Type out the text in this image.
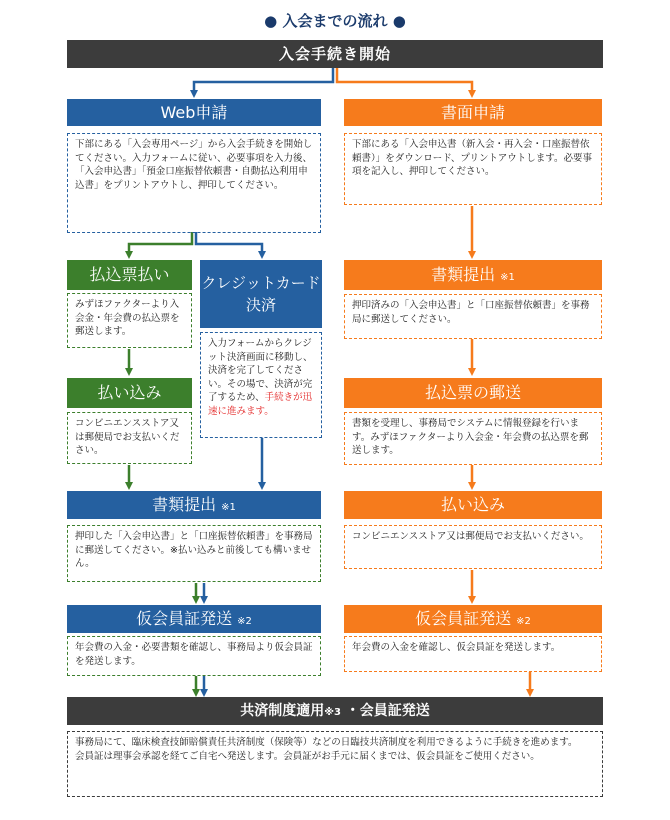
● 入会までの流れ ●
入会手続き開始
Web申請
下部にある「入会専用ページ」から入会手続きを開始してください。入力フォームに従い、必要事項を入力後、「入会申込書」「預金口座振替依頼書・自動払込利用申込書」をプリントアウトし、押印してください。
書面申請
下部にある「入会申込書（新入会・再入会・口座振替依頼書）」をダウンロード、プリントアウトします。必要事項を記入し、押印してください。
払込票払い
みずほファクターより入会金・年会費の払込票を郵送します。
クレジットカード決済
入力フォームからクレジット決済画面に移動し、決済を完了してください。その場で、決済が完了するため、手続きが迅速に進みます。
書類提出 ※1
押印済みの「入会申込書」と「口座振替依頼書」を事務局に郵送してください。
払い込み
コンビニエンスストア又は郵便局でお支払いください。
払込票の郵送
書類を受理し、事務局でシステムに情報登録を行います。みずほファクターより入会金・年会費の払込票を郵送します。
書類提出 ※1
押印した「入会申込書」と「口座振替依頼書」を事務局に郵送してください。※払い込みと前後しても構いません。
払い込み
コンビニエンスストア又は郵便局でお支払いください。
仮会員証発送 ※2
年会費の入金・必要書類を確認し、事務局より仮会員証を発送します。
仮会員証発送 ※2
年会費の入金を確認し、仮会員証を発送します。
共済制度適用※3 ・会員証発送
事務局にて、臨床検査技師賠償責任共済制度（保険等）などの日臨技共済制度を利用できるように手続きを進めます。
会員証は理事会承認を経てご自宅へ発送します。会員証がお手元に届くまでは、仮会員証をご使用ください。
